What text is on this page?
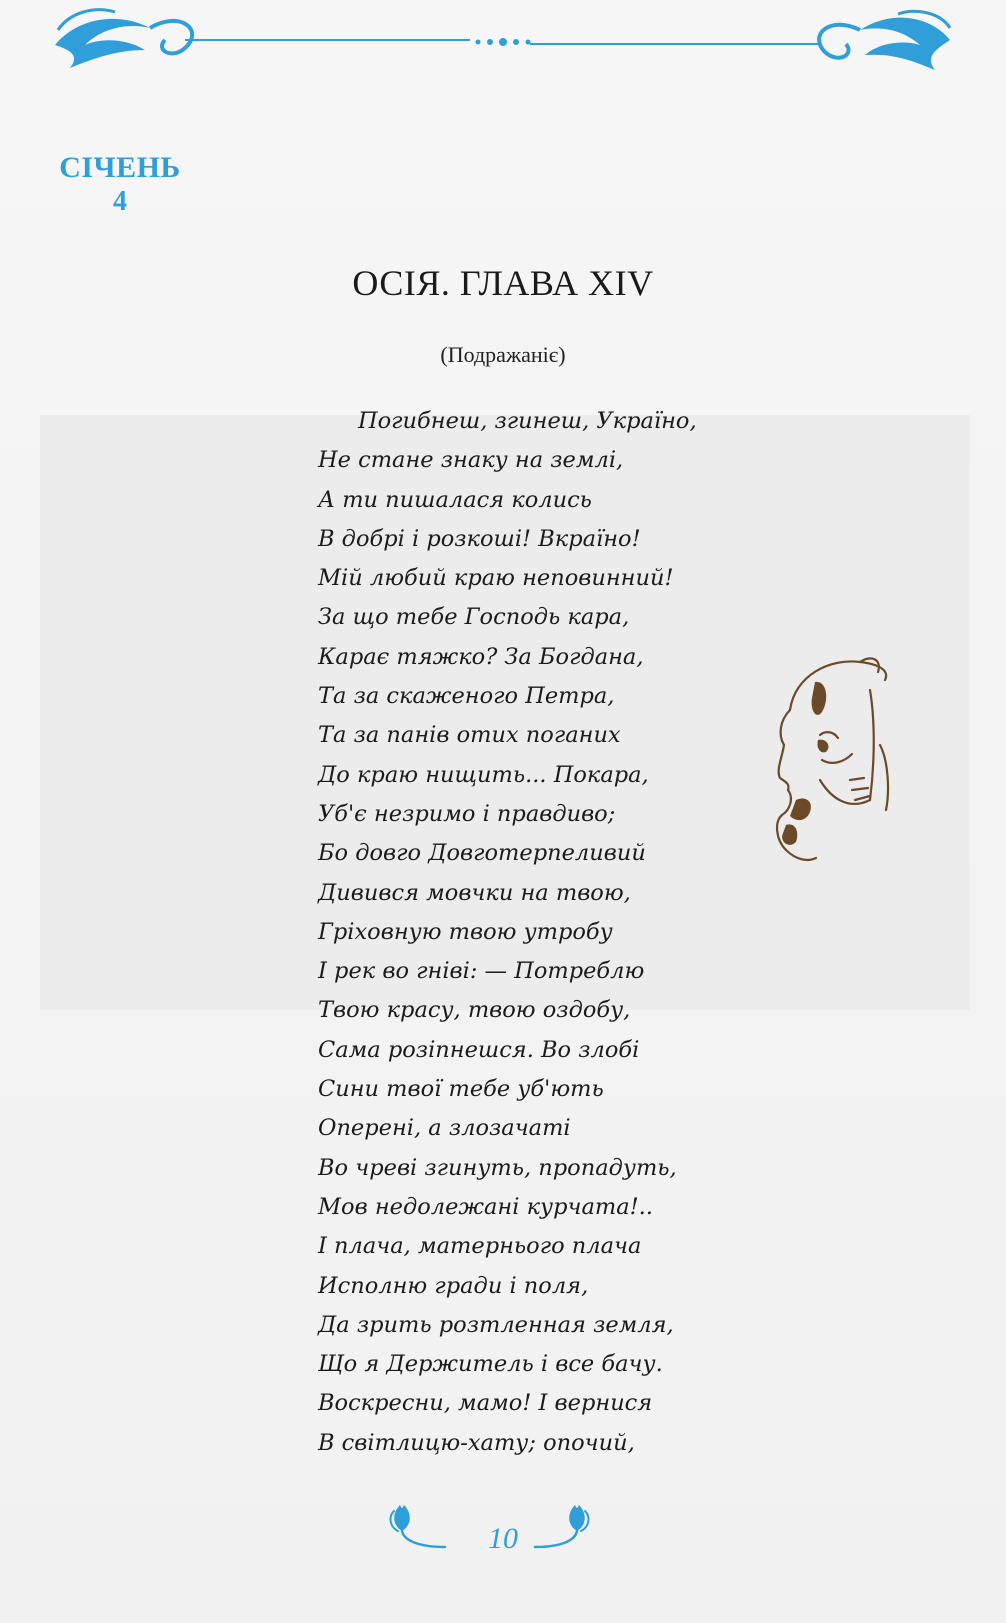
СІЧЕНЬ
4
ОСІЯ. ГЛАВА XIV
(Подражаніє)
Погибнеш, згинеш, Україно,
Не стане знаку на землі,
А ти пишалася колись
В добрі і розкоші! Вкраїно!
Мій любий краю неповинний!
За що тебе Господь кара,
Карає тяжко? За Богдана,
Та за скаженого Петра,
Та за панів отих поганих
До краю нищить... Покара,
Уб'є незримо і правдиво;
Бо довго Довготерпеливий
Дивився мовчки на твою,
Гріховную твою утробу
І рек во гніві: — Потреблю
Твою красу, твою оздобу,
Сама розіпнешся. Во злобі
Сини твої тебе уб'ють
Оперені, а злозачаті
Во чреві згинуть, пропадуть,
Мов недолежані курчата!..
І плача, матернього плача
Исполню гради і поля,
Да зрить розтленная земля,
Що я Держитель і все бачу.
Воскресни, мамо! І вернися
В світлицю-хату; опочий,
10
